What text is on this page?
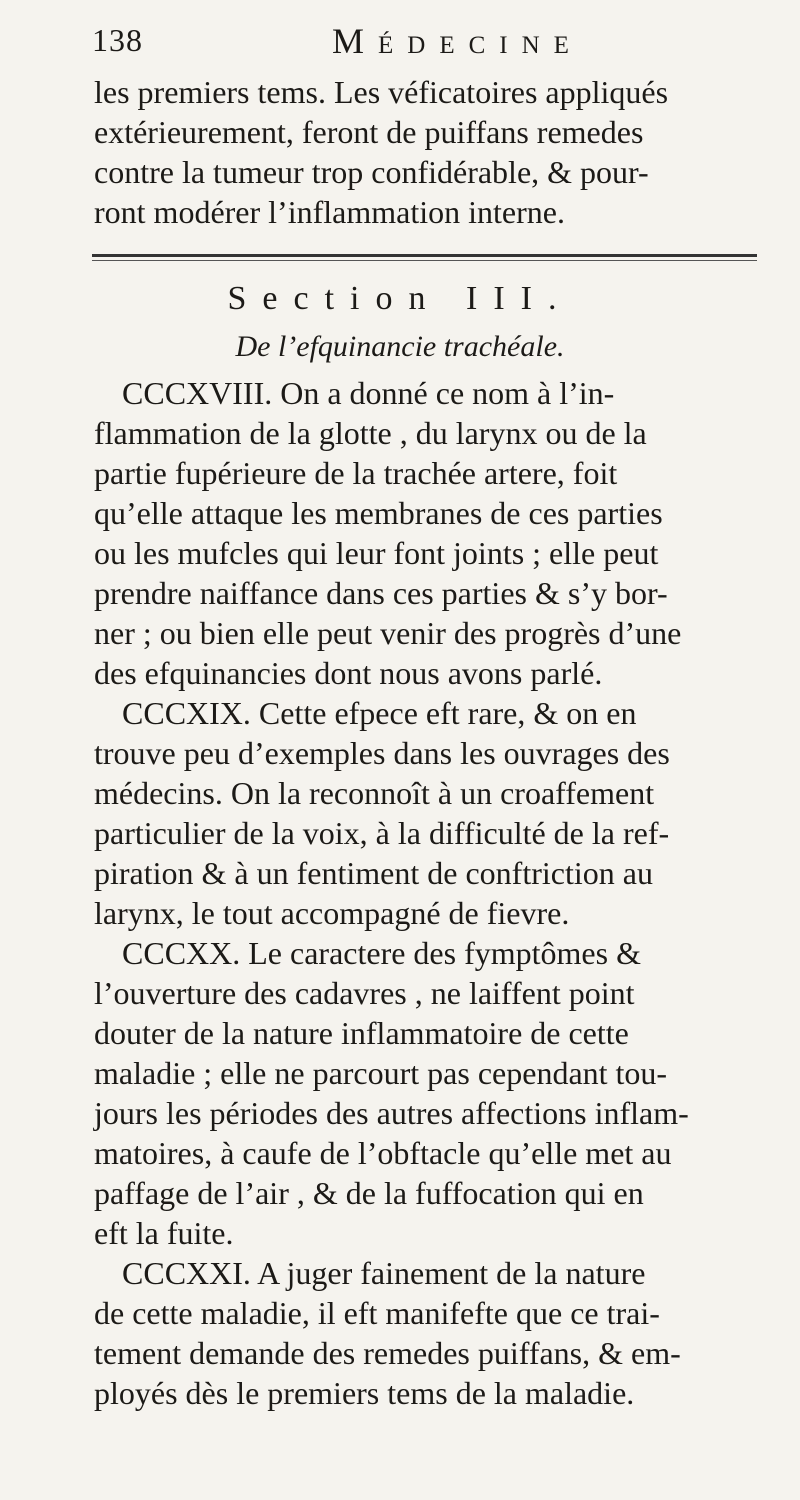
138	Médecine
les premiers tems. Les véficatoires appliqués
extérieurement, feront de puiffans remedes
contre la tumeur trop confidérable, & pour-
ront modérer l’inflammation interne.
Section III.
De l’efquinancie trachéale.
CCCXVIII. On a donné ce nom à l’in-
flammation de la glotte , du larynx ou de la
partie fupérieure de la trachée artere, foit
qu’elle attaque les membranes de ces parties
ou les mufcles qui leur font joints ; elle peut
prendre naiffance dans ces parties & s’y bor-
ner ; ou bien elle peut venir des progrès d’une
des efquinancies dont nous avons parlé.
CCCXIX. Cette efpece eft rare, & on en
trouve peu d’exemples dans les ouvrages des
médecins. On la reconnoît à un croaffement
particulier de la voix, à la difficulté de la ref-
piration & à un fentiment de conftriction au
larynx, le tout accompagné de fievre.
CCCXX. Le caractere des fymptômes &
l’ouverture des cadavres , ne laiffent point
douter de la nature inflammatoire de cette
maladie ; elle ne parcourt pas cependant tou-
jours les périodes des autres affections inflam-
matoires, à caufe de l’obftacle qu’elle met au
paffage de l’air , & de la fuffocation qui en
eft la fuite.
CCCXXI. A juger fainement de la nature
de cette maladie, il eft manifefte que ce trai-
tement demande des remedes puiffans, & em-
ployés dès le premiers tems de la maladie.
